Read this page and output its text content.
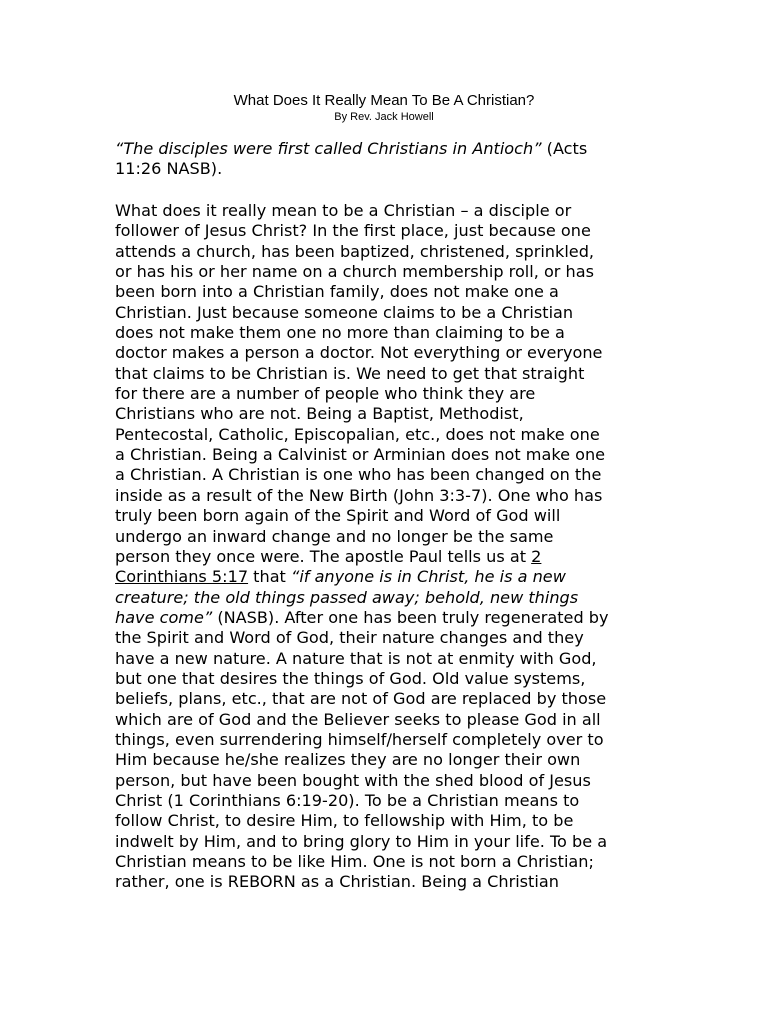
What Does It Really Mean To Be A Christian?
By Rev. Jack Howell
“The disciples were first called Christians in Antioch” (Acts
11:26 NASB).
What does it really mean to be a Christian – a disciple or
follower of Jesus Christ? In the first place, just because one
attends a church, has been baptized, christened, sprinkled,
or has his or her name on a church membership roll, or has
been born into a Christian family, does not make one a
Christian. Just because someone claims to be a Christian
does not make them one no more than claiming to be a
doctor makes a person a doctor. Not everything or everyone
that claims to be Christian is. We need to get that straight
for there are a number of people who think they are
Christians who are not. Being a Baptist, Methodist,
Pentecostal, Catholic, Episcopalian, etc., does not make one
a Christian. Being a Calvinist or Arminian does not make one
a Christian. A Christian is one who has been changed on the
inside as a result of the New Birth (John 3:3-7). One who has
truly been born again of the Spirit and Word of God will
undergo an inward change and no longer be the same
person they once were. The apostle Paul tells us at 2
Corinthians 5:17 that “if anyone is in Christ, he is a new
creature; the old things passed away; behold, new things
have come” (NASB). After one has been truly regenerated by
the Spirit and Word of God, their nature changes and they
have a new nature. A nature that is not at enmity with God,
but one that desires the things of God. Old value systems,
beliefs, plans, etc., that are not of God are replaced by those
which are of God and the Believer seeks to please God in all
things, even surrendering himself/herself completely over to
Him because he/she realizes they are no longer their own
person, but have been bought with the shed blood of Jesus
Christ (1 Corinthians 6:19-20). To be a Christian means to
follow Christ, to desire Him, to fellowship with Him, to be
indwelt by Him, and to bring glory to Him in your life. To be a
Christian means to be like Him. One is not born a Christian;
rather, one is REBORN as a Christian. Being a Christian
